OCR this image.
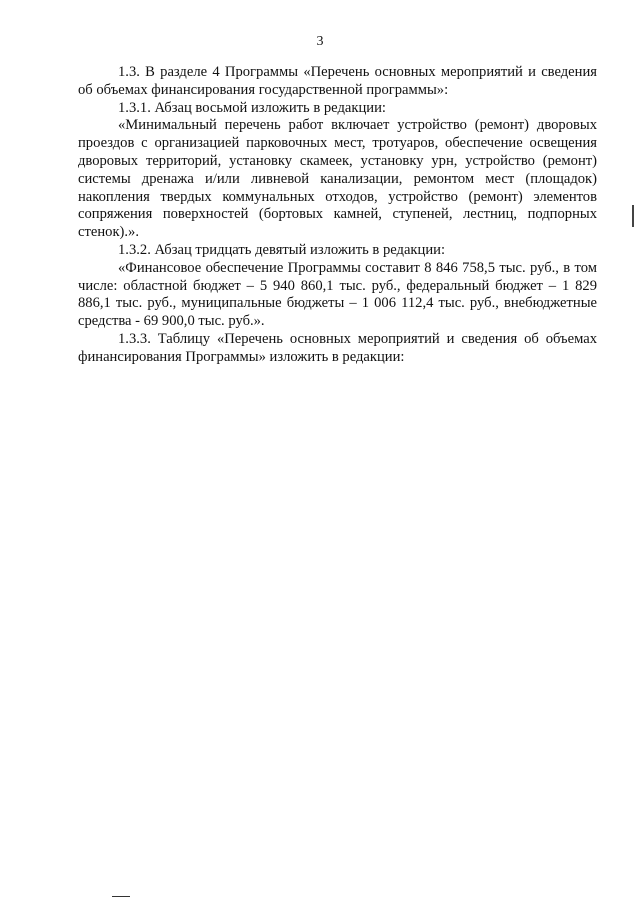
3

1.3. В разделе 4 Программы «Перечень основных мероприятий и сведения об объемах финансирования государственной программы»:

1.3.1. Абзац восьмой изложить в редакции:

«Минимальный перечень работ включает устройство (ремонт) дворовых проездов с организацией парковочных мест, тротуаров, обеспечение освещения дворовых территорий, установку скамеек, установку урн, устройство (ремонт) системы дренажа и/или ливневой канализации, ремонтом мест (площадок) накопления твердых коммунальных отходов, устройство (ремонт) элементов сопряжения поверхностей (бортовых камней, ступеней, лестниц, подпорных стенок).».

1.3.2. Абзац тридцать девятый изложить в редакции:

«Финансовое обеспечение Программы составит 8 846 758,5 тыс. руб., в том числе: областной бюджет – 5 940 860,1 тыс. руб., федеральный бюджет – 1 829 886,1 тыс. руб., муниципальные бюджеты – 1 006 112,4 тыс. руб., внебюджетные средства - 69 900,0 тыс. руб.».

1.3.3. Таблицу «Перечень основных мероприятий и сведения об объемах финансирования Программы» изложить в редакции:
